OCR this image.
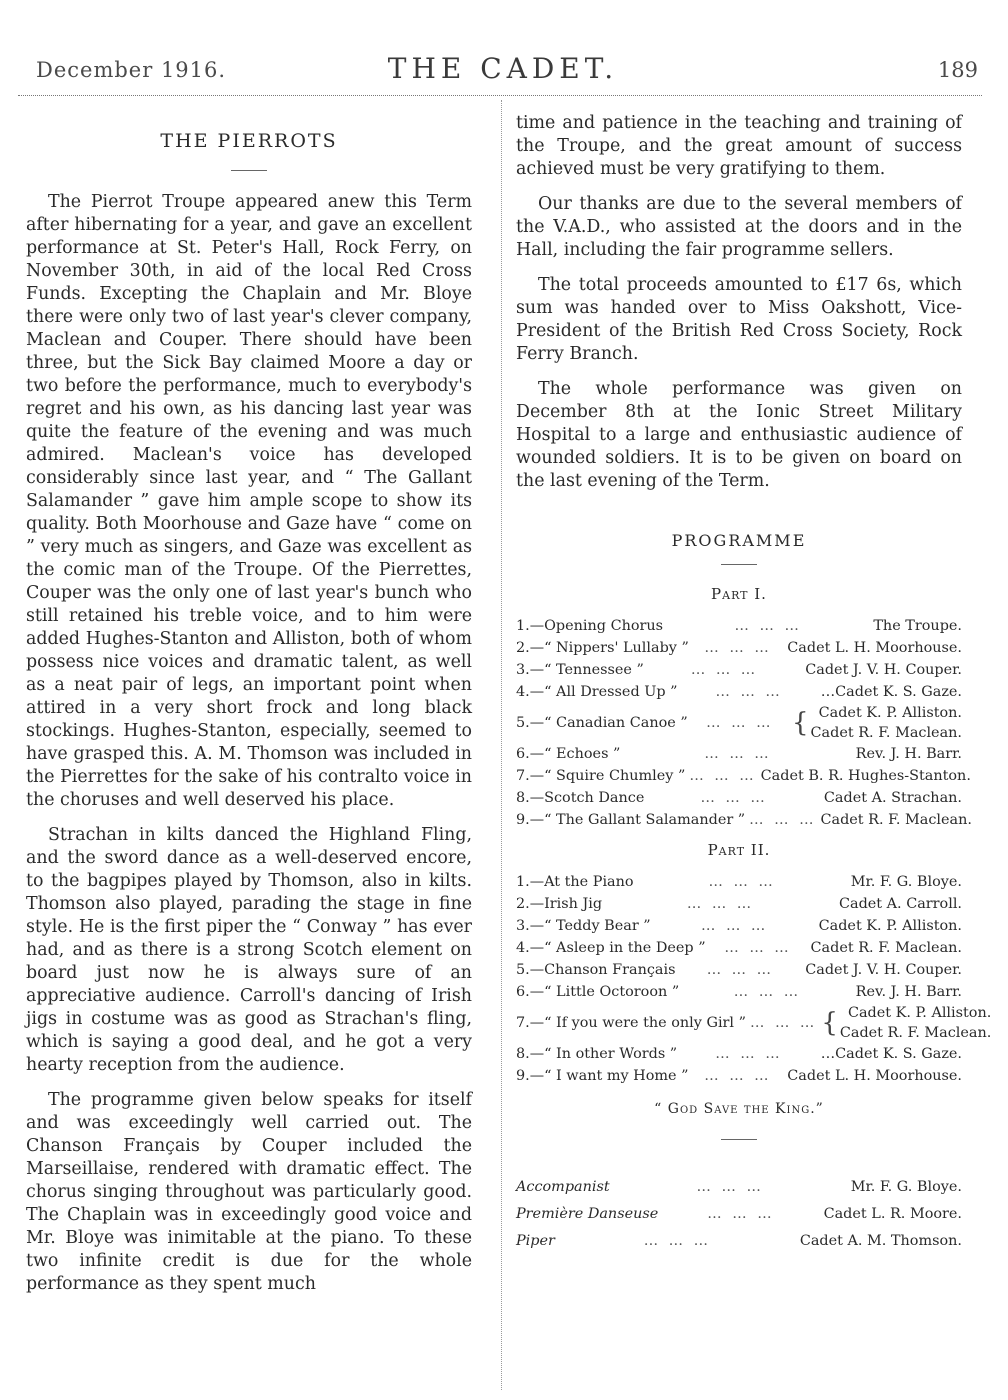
December 1916.	THE CADET.	189
THE PIERROTS

The Pierrot Troupe appeared anew this Term after hibernating for a year, and gave an excellent performance at St. Peter's Hall, Rock Ferry, on November 30th, in aid of the local Red Cross Funds. Excepting the Chaplain and Mr. Bloye there were only two of last year's clever company, Maclean and Couper. There should have been three, but the Sick Bay claimed Moore a day or two before the performance, much to everybody's regret and his own, as his dancing last year was quite the feature of the evening and was much admired. Maclean's voice has developed considerably since last year, and “ The Gallant Salamander ” gave him ample scope to show its quality. Both Moorhouse and Gaze have “ come on ” very much as singers, and Gaze was excellent as the comic man of the Troupe. Of the Pierrettes, Couper was the only one of last year's bunch who still retained his treble voice, and to him were added Hughes-Stanton and Alliston, both of whom possess nice voices and dramatic talent, as well as a neat pair of legs, an important point when attired in a very short frock and long black stockings. Hughes-Stanton, especially, seemed to have grasped this. A. M. Thomson was included in the Pierrettes for the sake of his contralto voice in the choruses and well deserved his place.

Strachan in kilts danced the Highland Fling, and the sword dance as a well-deserved encore, to the bagpipes played by Thomson, also in kilts. Thomson also played, parading the stage in fine style. He is the first piper the “ Conway ” has ever had, and as there is a strong Scotch element on board just now he is always sure of an appreciative audience. Carroll's dancing of Irish jigs in costume was as good as Strachan's fling, which is saying a good deal, and he got a very hearty reception from the audience.

The programme given below speaks for itself and was exceedingly well carried out. The Chanson Français by Couper included the Marseillaise, rendered with dramatic effect. The chorus singing throughout was particularly good. The Chaplain was in exceedingly good voice and Mr. Bloye was inimitable at the piano. To these two infinite credit is due for the whole performance as they spent much

time and patience in the teaching and training of the Troupe, and the great amount of success achieved must be very gratifying to them.

Our thanks are due to the several members of the V.A.D., who assisted at the doors and in the Hall, including the fair programme sellers.

The total proceeds amounted to £17 6s, which sum was handed over to Miss Oakshott, Vice-President of the British Red Cross Society, Rock Ferry Branch.

The whole performance was given on December 8th at the Ionic Street Military Hospital to a large and enthusiastic audience of wounded soldiers. It is to be given on board on the last evening of the Term.

PROGRAMME
Part I.
1.—Opening Chorus	… … …	The Troupe.
2.—“ Nippers' Lullaby ”	… … …	Cadet L. H. Moorhouse.
3.—“ Tennessee ”	… … …	Cadet J. V. H. Couper.
4.—“ All Dressed Up ”	… … …	…Cadet K. S. Gaze.
5.—“ Canadian Canoe ”	… … … { Cadet K. P. Alliston.
Cadet R. F. Maclean.
6.—“ Echoes ”	… … …	Rev. J. H. Barr.
7.—“ Squire Chumley ” … … … Cadet B. R. Hughes-Stanton.
8.—Scotch Dance	… … …	Cadet A. Strachan.
9.—“ The Gallant Salamander ” … … … Cadet R. F. Maclean.
Part II.
1.—At the Piano	… … …	Mr. F. G. Bloye.
2.—Irish Jig	… … …	Cadet A. Carroll.
3.—“ Teddy Bear ”	… … …	Cadet K. P. Alliston.
4.—“ Asleep in the Deep ”	… … …	Cadet R. F. Maclean.
5.—Chanson Français	… … …	Cadet J. V. H. Couper.
6.—“ Little Octoroon ”	… … …	Rev. J. H. Barr.
7.—“ If you were the only Girl ” … … … { Cadet K. P. Alliston.
Cadet R. F. Maclean.
8.—“ In other Words ”	… … …	…Cadet K. S. Gaze.
9.—“ I want my Home ”	… … …	Cadet L. H. Moorhouse.
“ God Save the King.”
Accompanist	… … …	Mr. F. G. Bloye.
Première Danseuse	… … …	Cadet L. R. Moore.
Piper	… … …	Cadet A. M. Thomson.
